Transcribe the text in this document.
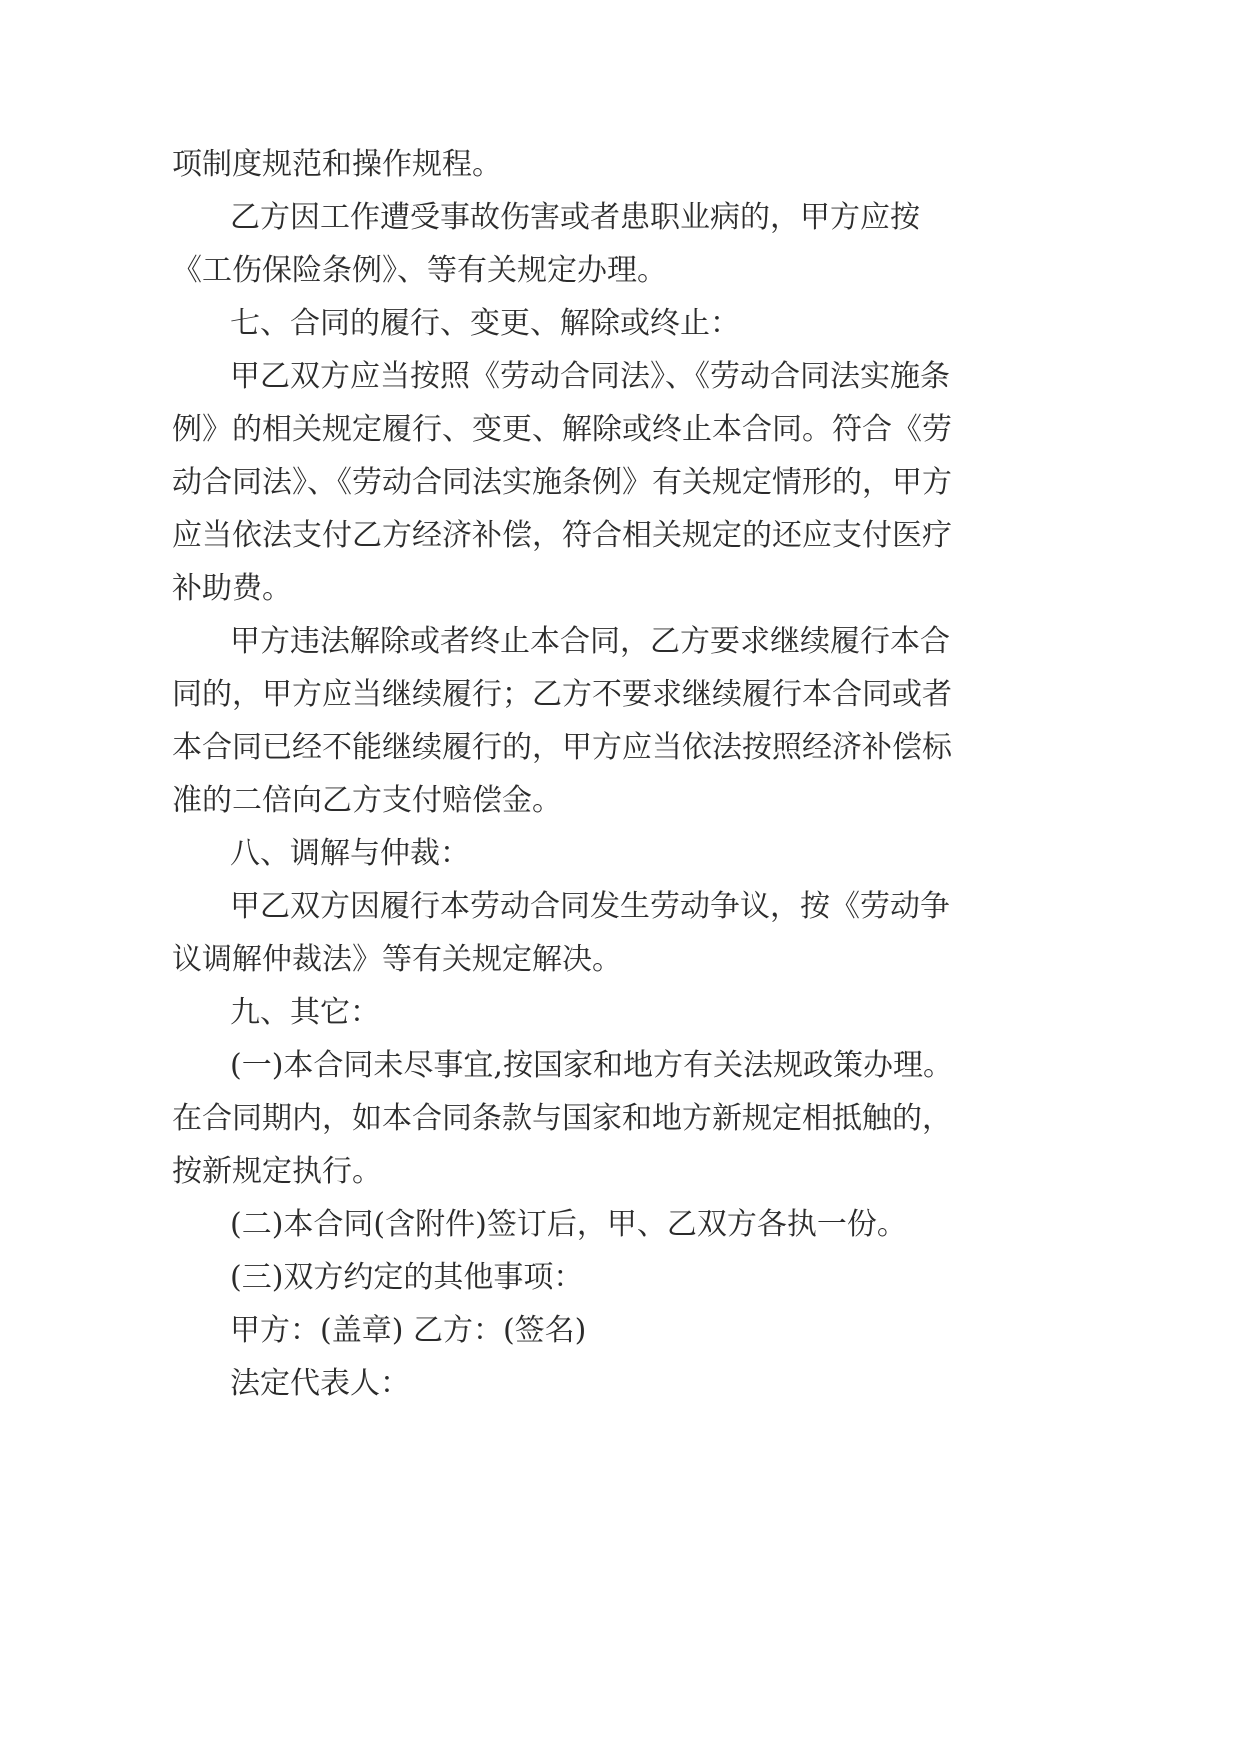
项制度规范和操作规程。
乙方因工作遭受事故伤害或者患职业病的，甲方应按
《工伤保险条例》、等有关规定办理。
七、合同的履行、变更、解除或终止：
甲乙双方应当按照《劳动合同法》、《劳动合同法实施条
例》的相关规定履行、变更、解除或终止本合同。符合《劳
动合同法》、《劳动合同法实施条例》有关规定情形的，甲方
应当依法支付乙方经济补偿，符合相关规定的还应支付医疗
补助费。
甲方违法解除或者终止本合同，乙方要求继续履行本合
同的，甲方应当继续履行；乙方不要求继续履行本合同或者
本合同已经不能继续履行的，甲方应当依法按照经济补偿标
准的二倍向乙方支付赔偿金。
八、调解与仲裁：
甲乙双方因履行本劳动合同发生劳动争议，按《劳动争
议调解仲裁法》等有关规定解决。
九、其它：
(一)本合同未尽事宜,按国家和地方有关法规政策办理。
在合同期内，如本合同条款与国家和地方新规定相抵触的，
按新规定执行。
(二)本合同(含附件)签订后，甲、乙双方各执一份。
(三)双方约定的其他事项：
甲方：(盖章) 乙方：(签名)
法定代表人：
